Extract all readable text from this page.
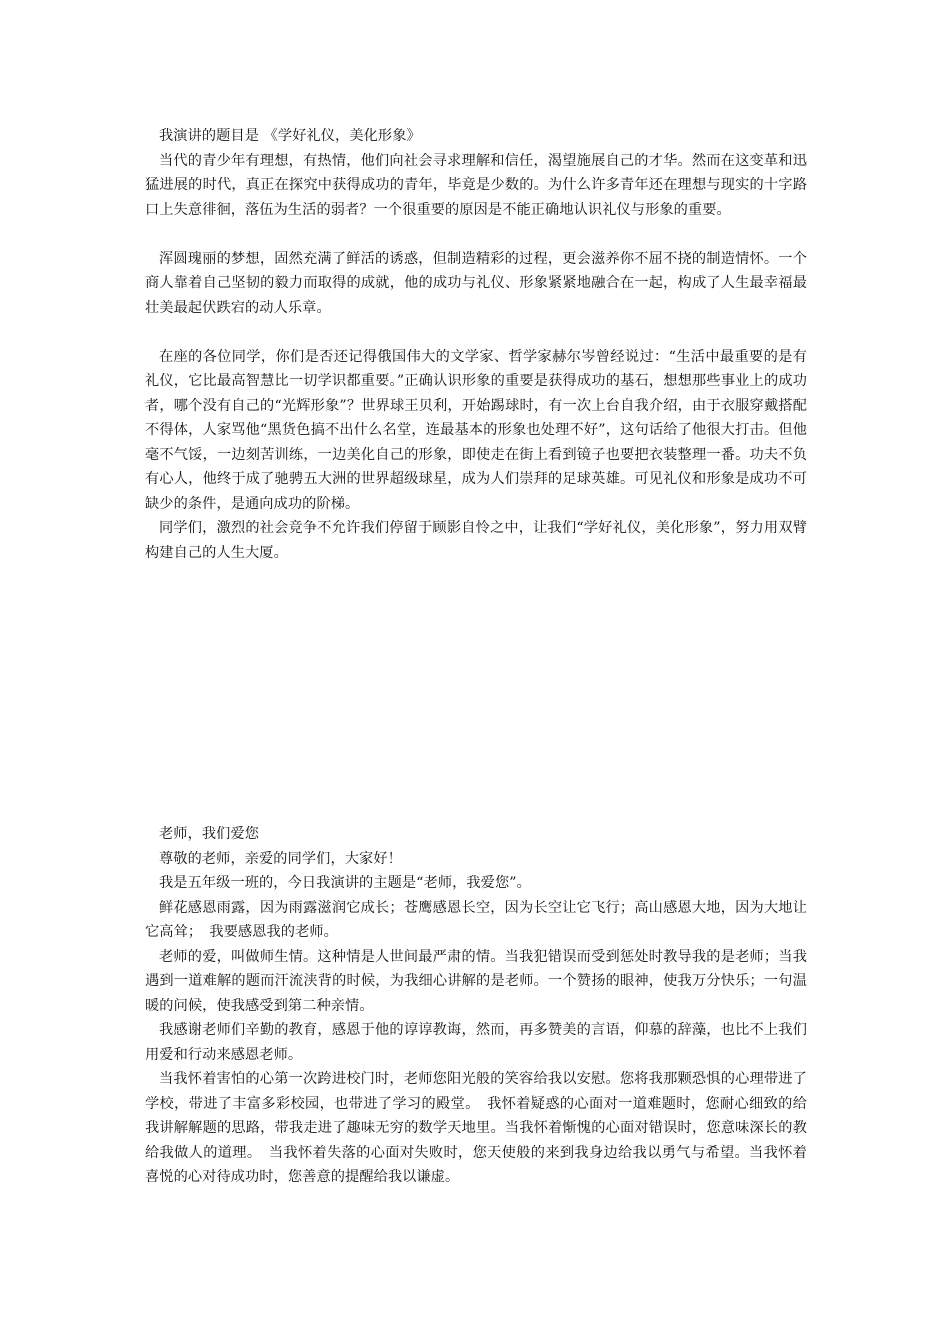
我演讲的题目是 《学好礼仪，美化形象》

当代的青少年有理想，有热情，他们向社会寻求理解和信任，渴望施展自己的才华。然而在这变革和迅猛进展的时代，真正在探究中获得成功的青年，毕竟是少数的。为什么许多青年还在理想与现实的十字路口上失意徘徊，落伍为生活的弱者？一个很重要的原因是不能正确地认识礼仪与形象的重要。

浑圆瑰丽的梦想，固然充满了鲜活的诱惑，但制造精彩的过程，更会滋养你不屈不挠的制造情怀。一个商人靠着自己坚韧的毅力而取得的成就，他的成功与礼仪、形象紧紧地融合在一起，构成了人生最幸福最壮美最起伏跌宕的动人乐章。

在座的各位同学，你们是否还记得俄国伟大的文学家、哲学家赫尔岑曾经说过：“生活中最重要的是有礼仪，它比最高智慧比一切学识都重要。”正确认识形象的重要是获得成功的基石，想想那些事业上的成功者，哪个没有自己的“光辉形象”？世界球王贝利，开始踢球时，有一次上台自我介绍，由于衣服穿戴搭配不得体，人家骂他“黑货色搞不出什么名堂，连最基本的形象也处理不好”，这句话给了他很大打击。但他毫不气馁，一边刻苦训练，一边美化自己的形象，即使走在街上看到镜子也要把衣装整理一番。功夫不负有心人，他终于成了驰骋五大洲的世界超级球星，成为人们崇拜的足球英雄。可见礼仪和形象是成功不可缺少的条件，是通向成功的阶梯。

同学们，激烈的社会竞争不允许我们停留于顾影自怜之中，让我们“学好礼仪，美化形象”，努力用双臂构建自己的人生大厦。

老师，我们爱您

尊敬的老师，亲爱的同学们，大家好！

我是五年级一班的，今日我演讲的主题是“老师，我爱您”。

鲜花感恩雨露，因为雨露滋润它成长；苍鹰感恩长空，因为长空让它飞行；高山感恩大地，因为大地让它高耸；　我要感恩我的老师。

老师的爱，叫做师生情。这种情是人世间最严肃的情。当我犯错误而受到惩处时教导我的是老师；当我遇到一道难解的题而汗流浃背的时候，为我细心讲解的是老师。一个赞扬的眼神，使我万分快乐；一句温暖的问候，使我感受到第二种亲情。

我感谢老师们辛勤的教育，感恩于他的谆谆教诲，然而，再多赞美的言语，仰慕的辞藻，也比不上我们用爱和行动来感恩老师。

当我怀着害怕的心第一次跨进校门时，老师您阳光般的笑容给我以安慰。您将我那颗恐惧的心理带进了学校，带进了丰富多彩校园，也带进了学习的殿堂。　我怀着疑惑的心面对一道难题时，您耐心细致的给我讲解解题的思路，带我走进了趣味无穷的数学天地里。当我怀着惭愧的心面对错误时，您意味深长的教给我做人的道理。　当我怀着失落的心面对失败时，您天使般的来到我身边给我以勇气与希望。当我怀着喜悦的心对待成功时，您善意的提醒给我以谦虚。
